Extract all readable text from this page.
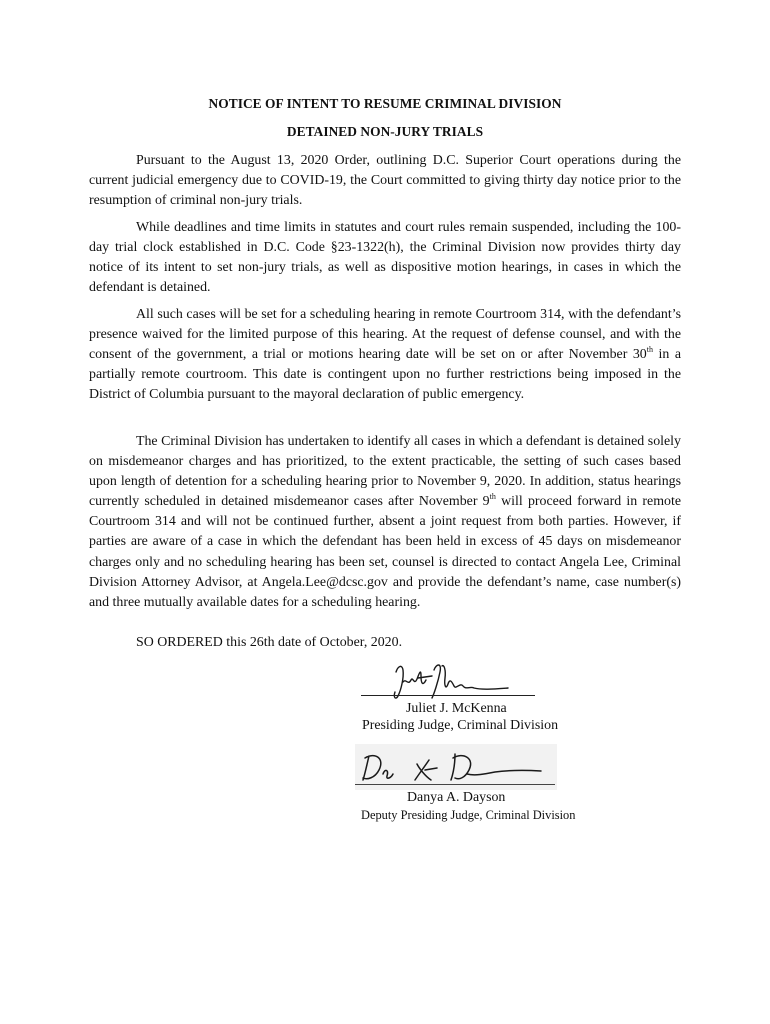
NOTICE OF INTENT TO RESUME CRIMINAL DIVISION
DETAINED NON-JURY TRIALS

Pursuant to the August 13, 2020 Order, outlining D.C. Superior Court operations during the current judicial emergency due to COVID-19, the Court committed to giving thirty day notice prior to the resumption of criminal non-jury trials.

While deadlines and time limits in statutes and court rules remain suspended, including the 100-day trial clock established in D.C. Code §23-1322(h), the Criminal Division now provides thirty day notice of its intent to set non-jury trials, as well as dispositive motion hearings, in cases in which the defendant is detained.

All such cases will be set for a scheduling hearing in remote Courtroom 314, with the defendant’s presence waived for the limited purpose of this hearing. At the request of defense counsel, and with the consent of the government, a trial or motions hearing date will be set on or after November 30th in a partially remote courtroom. This date is contingent upon no further restrictions being imposed in the District of Columbia pursuant to the mayoral declaration of public emergency.

The Criminal Division has undertaken to identify all cases in which a defendant is detained solely on misdemeanor charges and has prioritized, to the extent practicable, the setting of such cases based upon length of detention for a scheduling hearing prior to November 9, 2020. In addition, status hearings currently scheduled in detained misdemeanor cases after November 9th will proceed forward in remote Courtroom 314 and will not be continued further, absent a joint request from both parties. However, if parties are aware of a case in which the defendant has been held in excess of 45 days on misdemeanor charges only and no scheduling hearing has been set, counsel is directed to contact Angela Lee, Criminal Division Attorney Advisor, at Angela.Lee@dcsc.gov and provide the defendant’s name, case number(s) and three mutually available dates for a scheduling hearing.

SO ORDERED this 26th date of October, 2020.

Juliet J. McKenna
Presiding Judge, Criminal Division
Danya A. Dayson
Deputy Presiding Judge, Criminal Division
